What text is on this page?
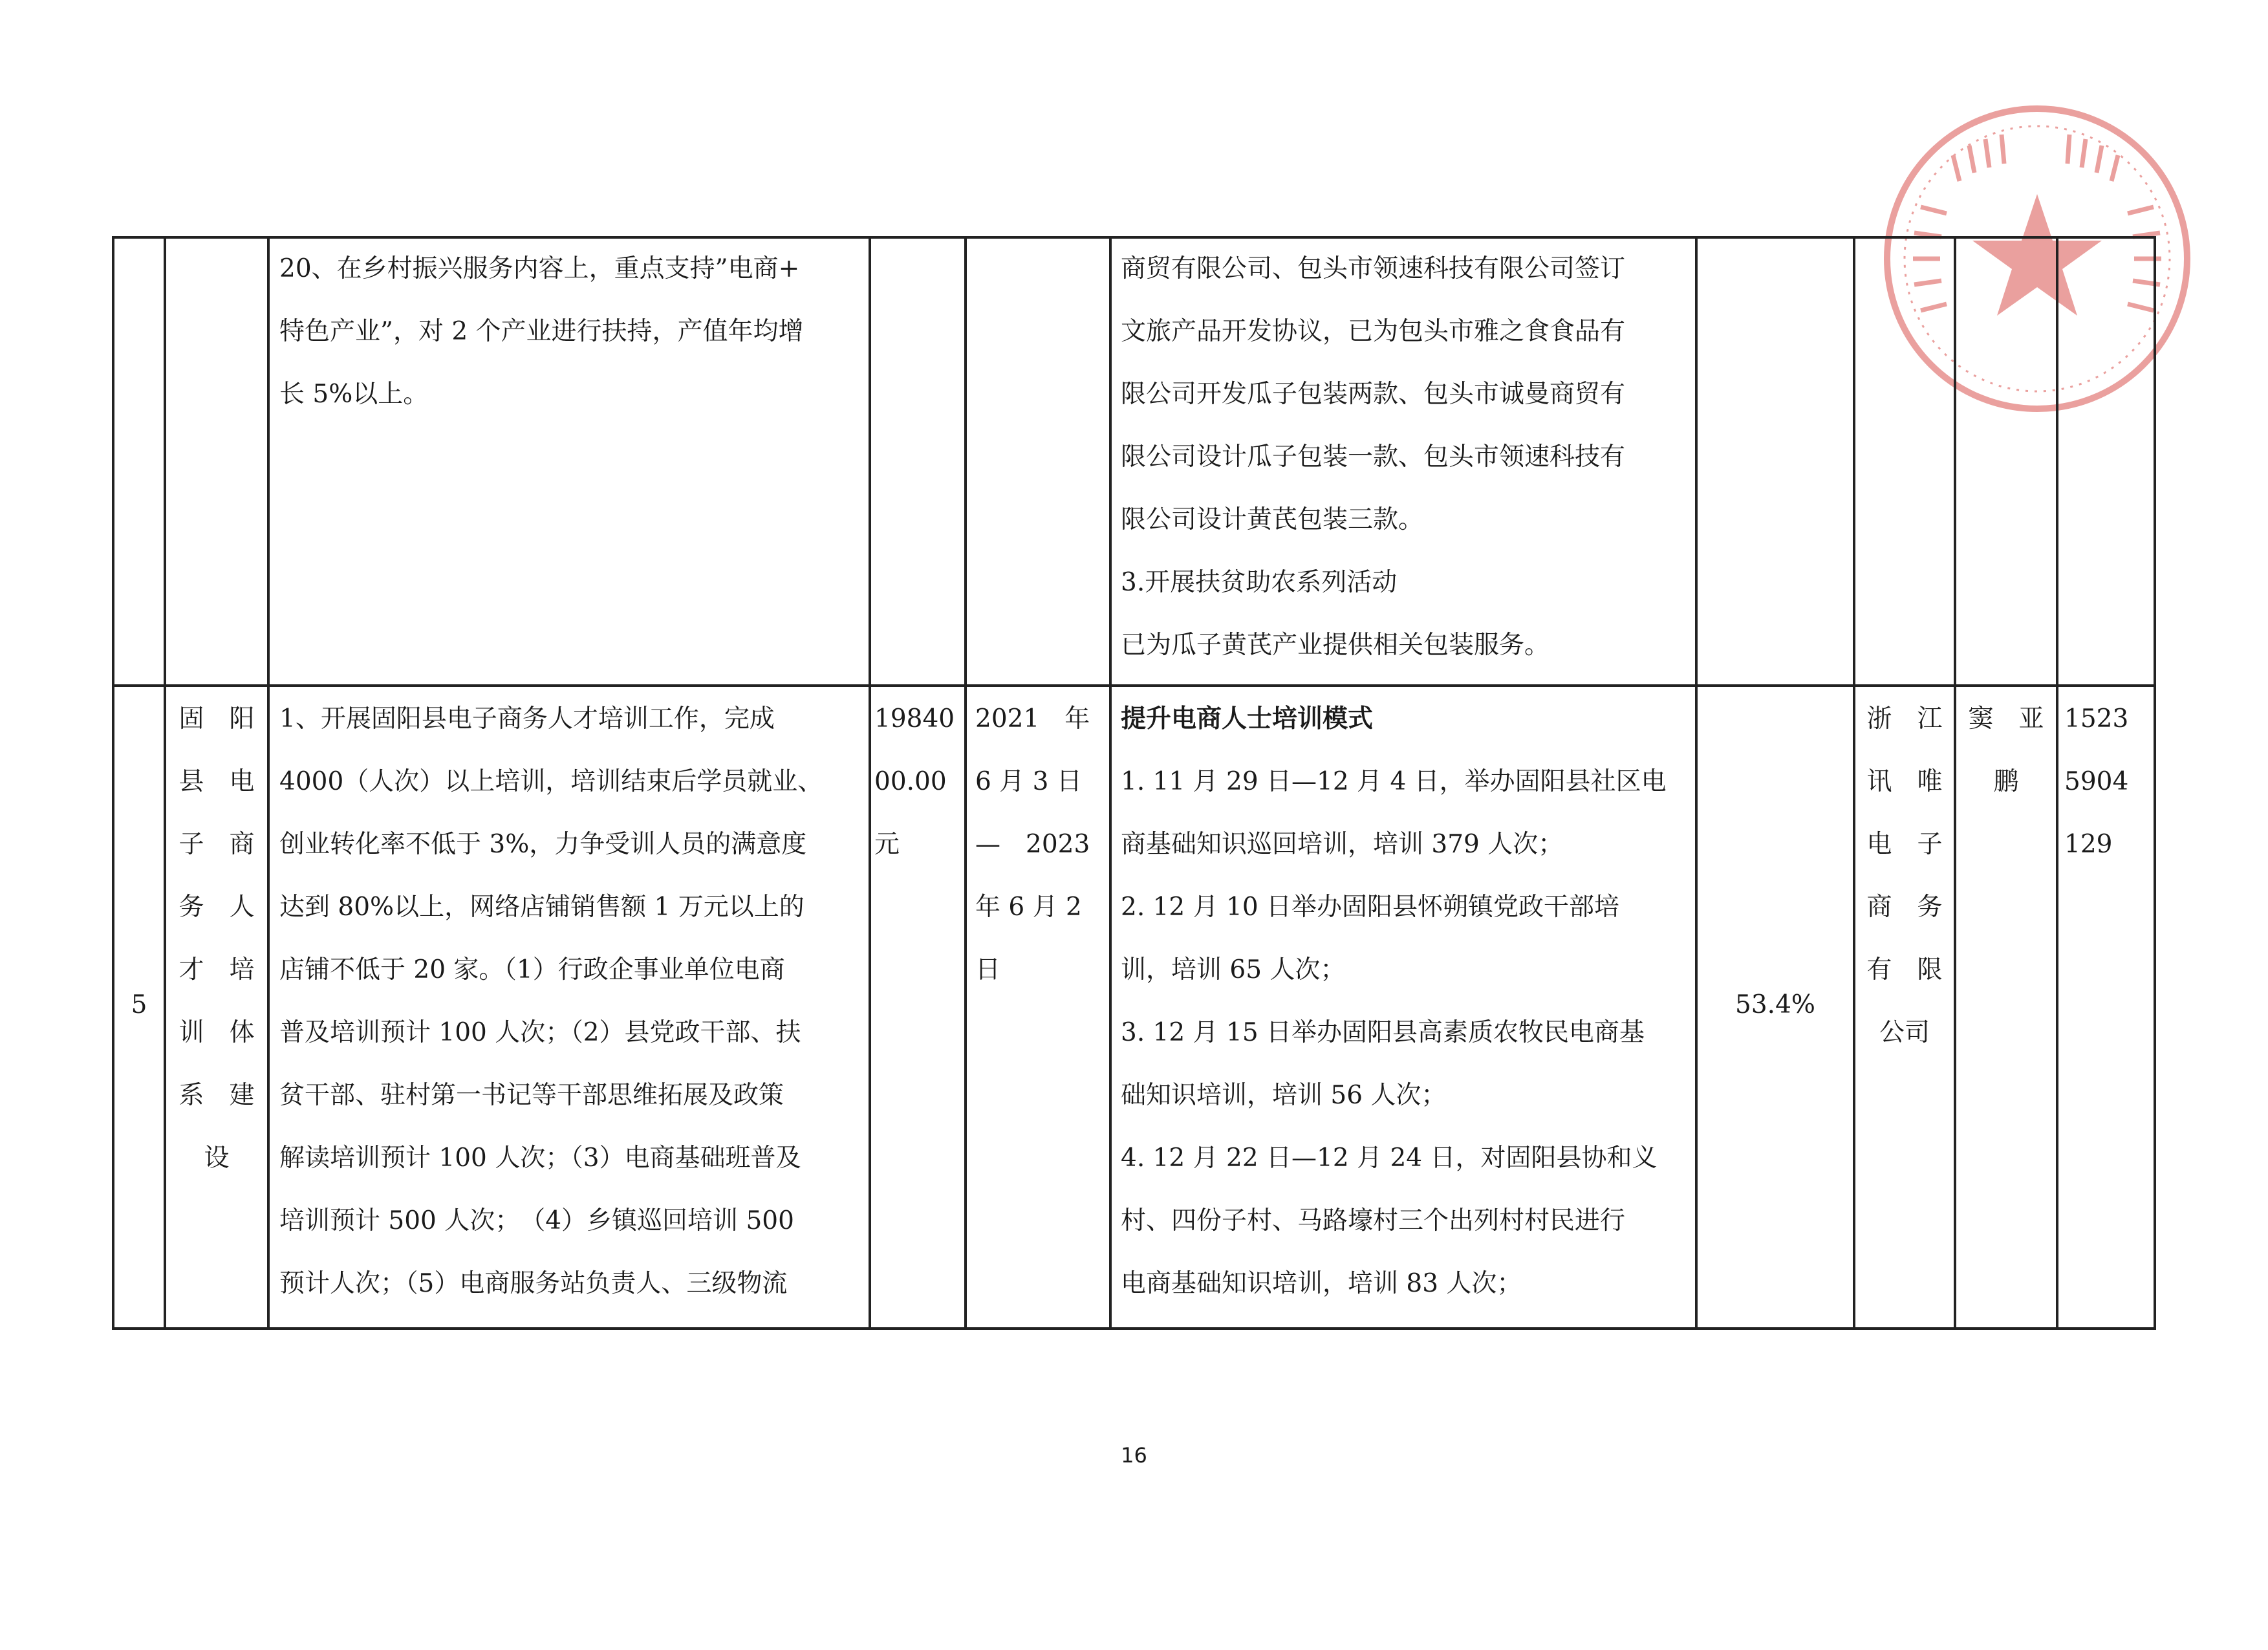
20、在乡村振兴服务内容上，重点支持”电商+
特色产业”，对 2 个产业进行扶持，产值年均增
长 5%以上。
商贸有限公司、包头市领速科技有限公司签订
文旅产品开发协议，已为包头市雅之食食品有
限公司开发瓜子包装两款、包头市诚曼商贸有
限公司设计瓜子包装一款、包头市领速科技有
限公司设计黄芪包装三款。
3.开展扶贫助农系列活动
已为瓜子黄芪产业提供相关包装服务。
5
固　阳
县　电
子　商
务　人
才　培
训　体
系　建
设
1、开展固阳县电子商务人才培训工作，完成
4000（人次）以上培训，培训结束后学员就业、
创业转化率不低于 3%，力争受训人员的满意度
达到 80%以上，网络店铺销售额 1 万元以上的
店铺不低于 20 家。（1）行政企事业单位电商
普及培训预计 100 人次；（2）县党政干部、扶
贫干部、驻村第一书记等干部思维拓展及政策
解读培训预计 100 人次；（3）电商基础班普及
培训预计 500 人次；　（4）乡镇巡回培训 500
预计人次；（5）电商服务站负责人、三级物流
19840
00.00
元
2021　年
6 月 3 日
—　2023
年 6 月 2
日
提升电商人士培训模式
1. 11 月 29 日—12 月 4 日，举办固阳县社区电
商基础知识巡回培训，培训 379 人次；
2. 12 月 10 日举办固阳县怀朔镇党政干部培
训，培训 65 人次；
3. 12 月 15 日举办固阳县高素质农牧民电商基
础知识培训，培训 56 人次；
4. 12 月 22 日—12 月 24 日，对固阳县协和义
村、四份子村、马路壕村三个出列村村民进行
电商基础知识培训，培训 83 人次；
53.4%
浙　江
讯　唯
电　子
商　务
有　限
公司
窦　亚
鹏
1523
5904
129
16
